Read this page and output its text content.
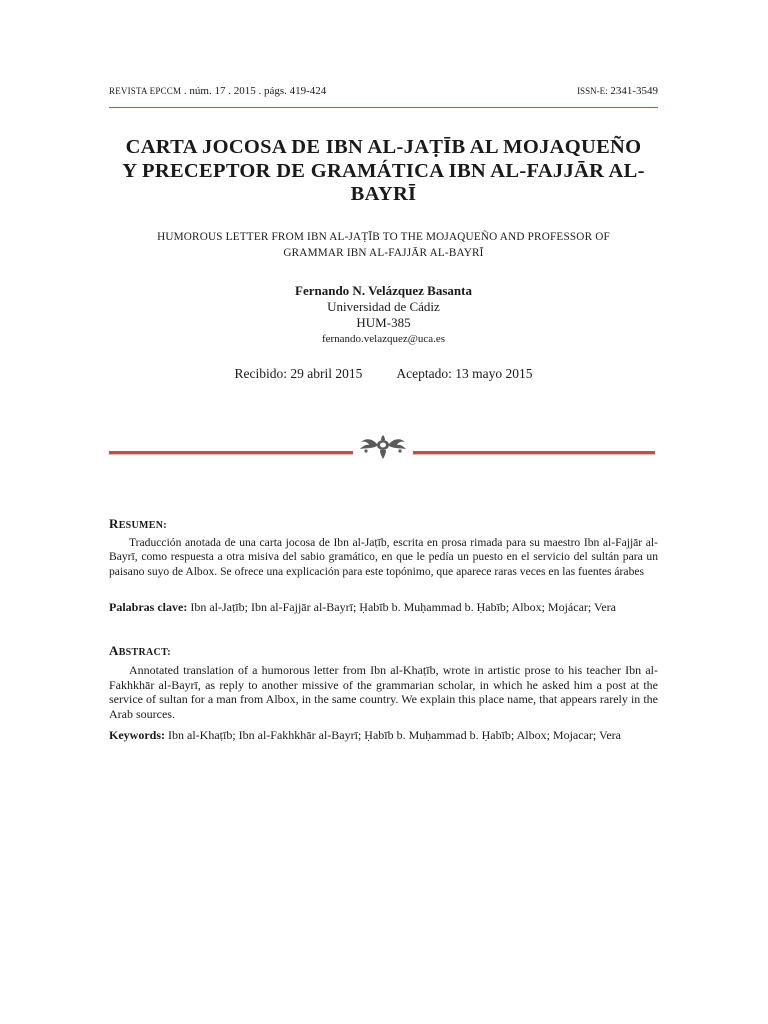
REVISTA EPCCM . núm. 17 . 2015 . págs. 419-424	ISSN-E: 2341-3549
CARTA JOCOSA DE IBN AL-JAṬĪB AL MOJAQUEÑO
Y PRECEPTOR DE GRAMÁTICA IBN AL-FAJJĀR AL-
BAYRĪ
HUMOROUS LETTER FROM IBN AL-JAṬĪB TO THE MOJAQUEÑO AND PROFESSOR OF
GRAMMAR IBN AL-FAJJĀR AL-BAYRĪ
Fernando N. Velázquez Basanta
Universidad de Cádiz
HUM-385
fernando.velazquez@uca.es
Recibido: 29 abril 2015	Aceptado: 13 mayo 2015
RESUMEN:
Traducción anotada de una carta jocosa de Ibn al-Jaṭīb, escrita en prosa rimada para su maestro Ibn al-Fajjār al-Bayrī, como respuesta a otra misiva del sabio gramático, en que le pedía un puesto en el servicio del sultán para un paisano suyo de Albox. Se ofrece una explicación para este topónimo, que aparece raras veces en las fuentes árabes
Palabras clave: Ibn al-Jaṭīb; Ibn al-Fajjār al-Bayrī; Ḥabīb b. Muḥammad b. Ḥabīb; Albox; Mojácar; Vera
ABSTRACT:
Annotated translation of a humorous letter from Ibn al-Khaṭīb, wrote in artistic prose to his teacher Ibn al-Fakhkhār al-Bayrī, as reply to another missive of the grammarian scholar, in which he asked him a post at the service of sultan for a man from Albox, in the same country. We explain this place name, that appears rarely in the Arab sources.
Keywords: Ibn al-Khaṭīb; Ibn al-Fakhkhār al-Bayrī; Ḥabīb b. Muḥammad b. Ḥabīb; Albox; Mojacar; Vera
